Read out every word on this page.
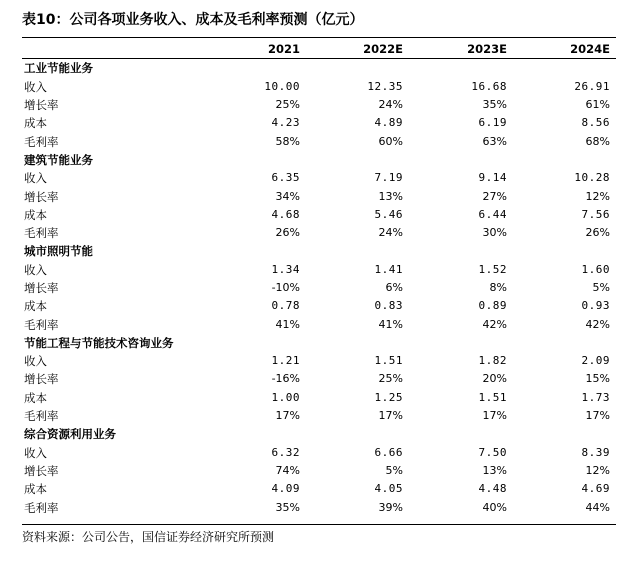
表10：公司各项业务收入、成本及毛利率预测（亿元）
	2021	2022E	2023E	2024E
工业节能业务				
收入	10.00	12.35	16.68	26.91
增长率	25%	24%	35%	61%
成本	4.23	4.89	6.19	8.56
毛利率	58%	60%	63%	68%
建筑节能业务				
收入	6.35	7.19	9.14	10.28
增长率	34%	13%	27%	12%
成本	4.68	5.46	6.44	7.56
毛利率	26%	24%	30%	26%
城市照明节能				
收入	1.34	1.41	1.52	1.60
增长率	-10%	6%	8%	5%
成本	0.78	0.83	0.89	0.93
毛利率	41%	41%	42%	42%
节能工程与节能技术咨询业务				
收入	1.21	1.51	1.82	2.09
增长率	-16%	25%	20%	15%
成本	1.00	1.25	1.51	1.73
毛利率	17%	17%	17%	17%
综合资源利用业务				
收入	6.32	6.66	7.50	8.39
增长率	74%	5%	13%	12%
成本	4.09	4.05	4.48	4.69
毛利率	35%	39%	40%	44%
资料来源：公司公告，国信证券经济研究所预测
